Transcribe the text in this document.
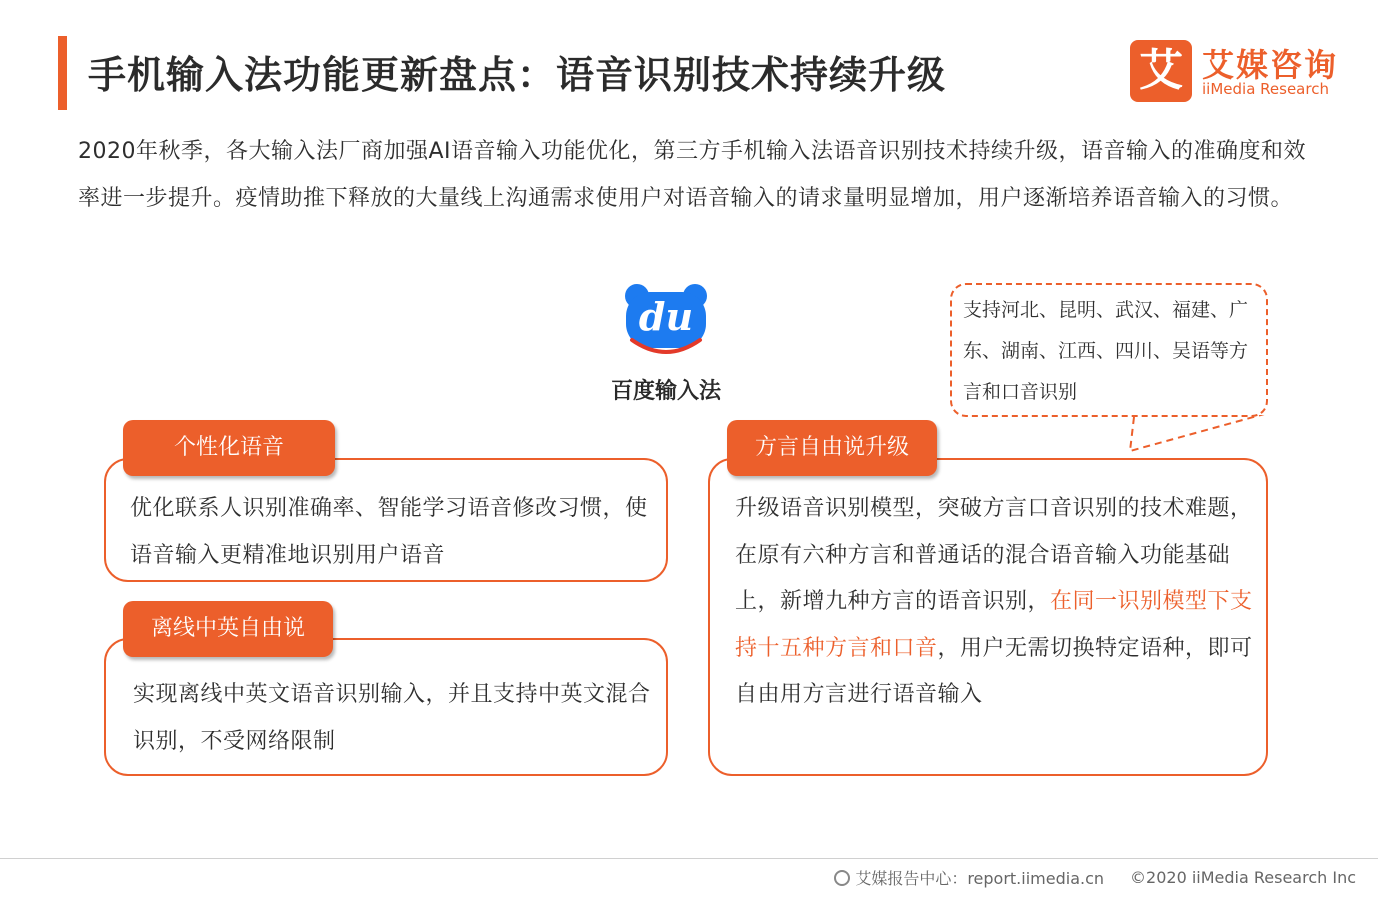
手机输入法功能更新盘点：语音识别技术持续升级	艾 艾媒咨询
iiMedia Research
2020年秋季，各大输入法厂商加强AI语音输入功能优化，第三方手机输入法语音识别技术持续升级，语音输入的准确度和效率进一步提升。疫情助推下释放的大量线上沟通需求使用户对语音输入的请求量明显增加，用户逐渐培养语音输入的习惯。
du
百度输入法
支持河北、昆明、武汉、福建、广东、湖南、江西、四川、吴语等方言和口音识别
个性化语音
优化联系人识别准确率、智能学习语音修改习惯，使语音输入更精准地识别用户语音
离线中英自由说
实现离线中英文语音识别输入，并且支持中英文混合识别，不受网络限制
方言自由说升级
升级语音识别模型，突破方言口音识别的技术难题，在原有六种方言和普通话的混合语音输入功能基础上，新增九种方言的语音识别，在同一识别模型下支持十五种方言和口音，用户无需切换特定语种，即可自由用方言进行语音输入
艾媒报告中心：report.iimedia.cn ©2020 iiMedia Research Inc
